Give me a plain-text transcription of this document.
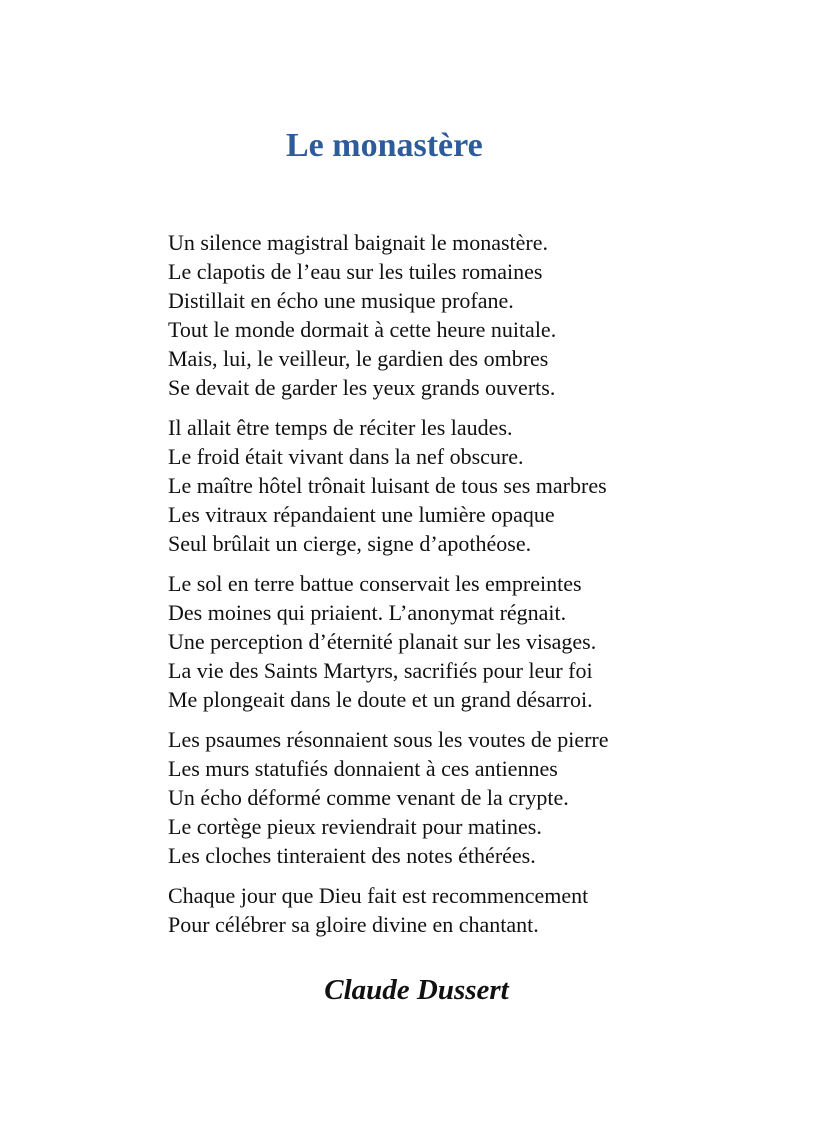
Le monastère

Un silence magistral baignait le monastère.
Le clapotis de l’eau sur les tuiles romaines
Distillait en écho une musique profane.
Tout le monde dormait à cette heure nuitale.
Mais, lui, le veilleur, le gardien des ombres
Se devait de garder les yeux grands ouverts.

Il allait être temps de réciter les laudes.
Le froid était vivant dans la nef obscure.
Le maître hôtel trônait luisant de tous ses marbres
Les vitraux répandaient une lumière opaque
Seul brûlait un cierge, signe d’apothéose.

Le sol en terre battue conservait les empreintes
Des moines qui priaient. L’anonymat régnait.
Une perception d’éternité planait sur les visages.
La vie des Saints Martyrs, sacrifiés pour leur foi
Me plongeait dans le doute et un grand désarroi.

Les psaumes résonnaient sous les voutes de pierre
Les murs statufiés donnaient à ces antiennes
Un écho déformé comme venant de la crypte.
Le cortège pieux reviendrait pour matines.
Les cloches tinteraient des notes éthérées.

Chaque jour que Dieu fait est recommencement
Pour célébrer sa gloire divine en chantant.

Claude Dussert
